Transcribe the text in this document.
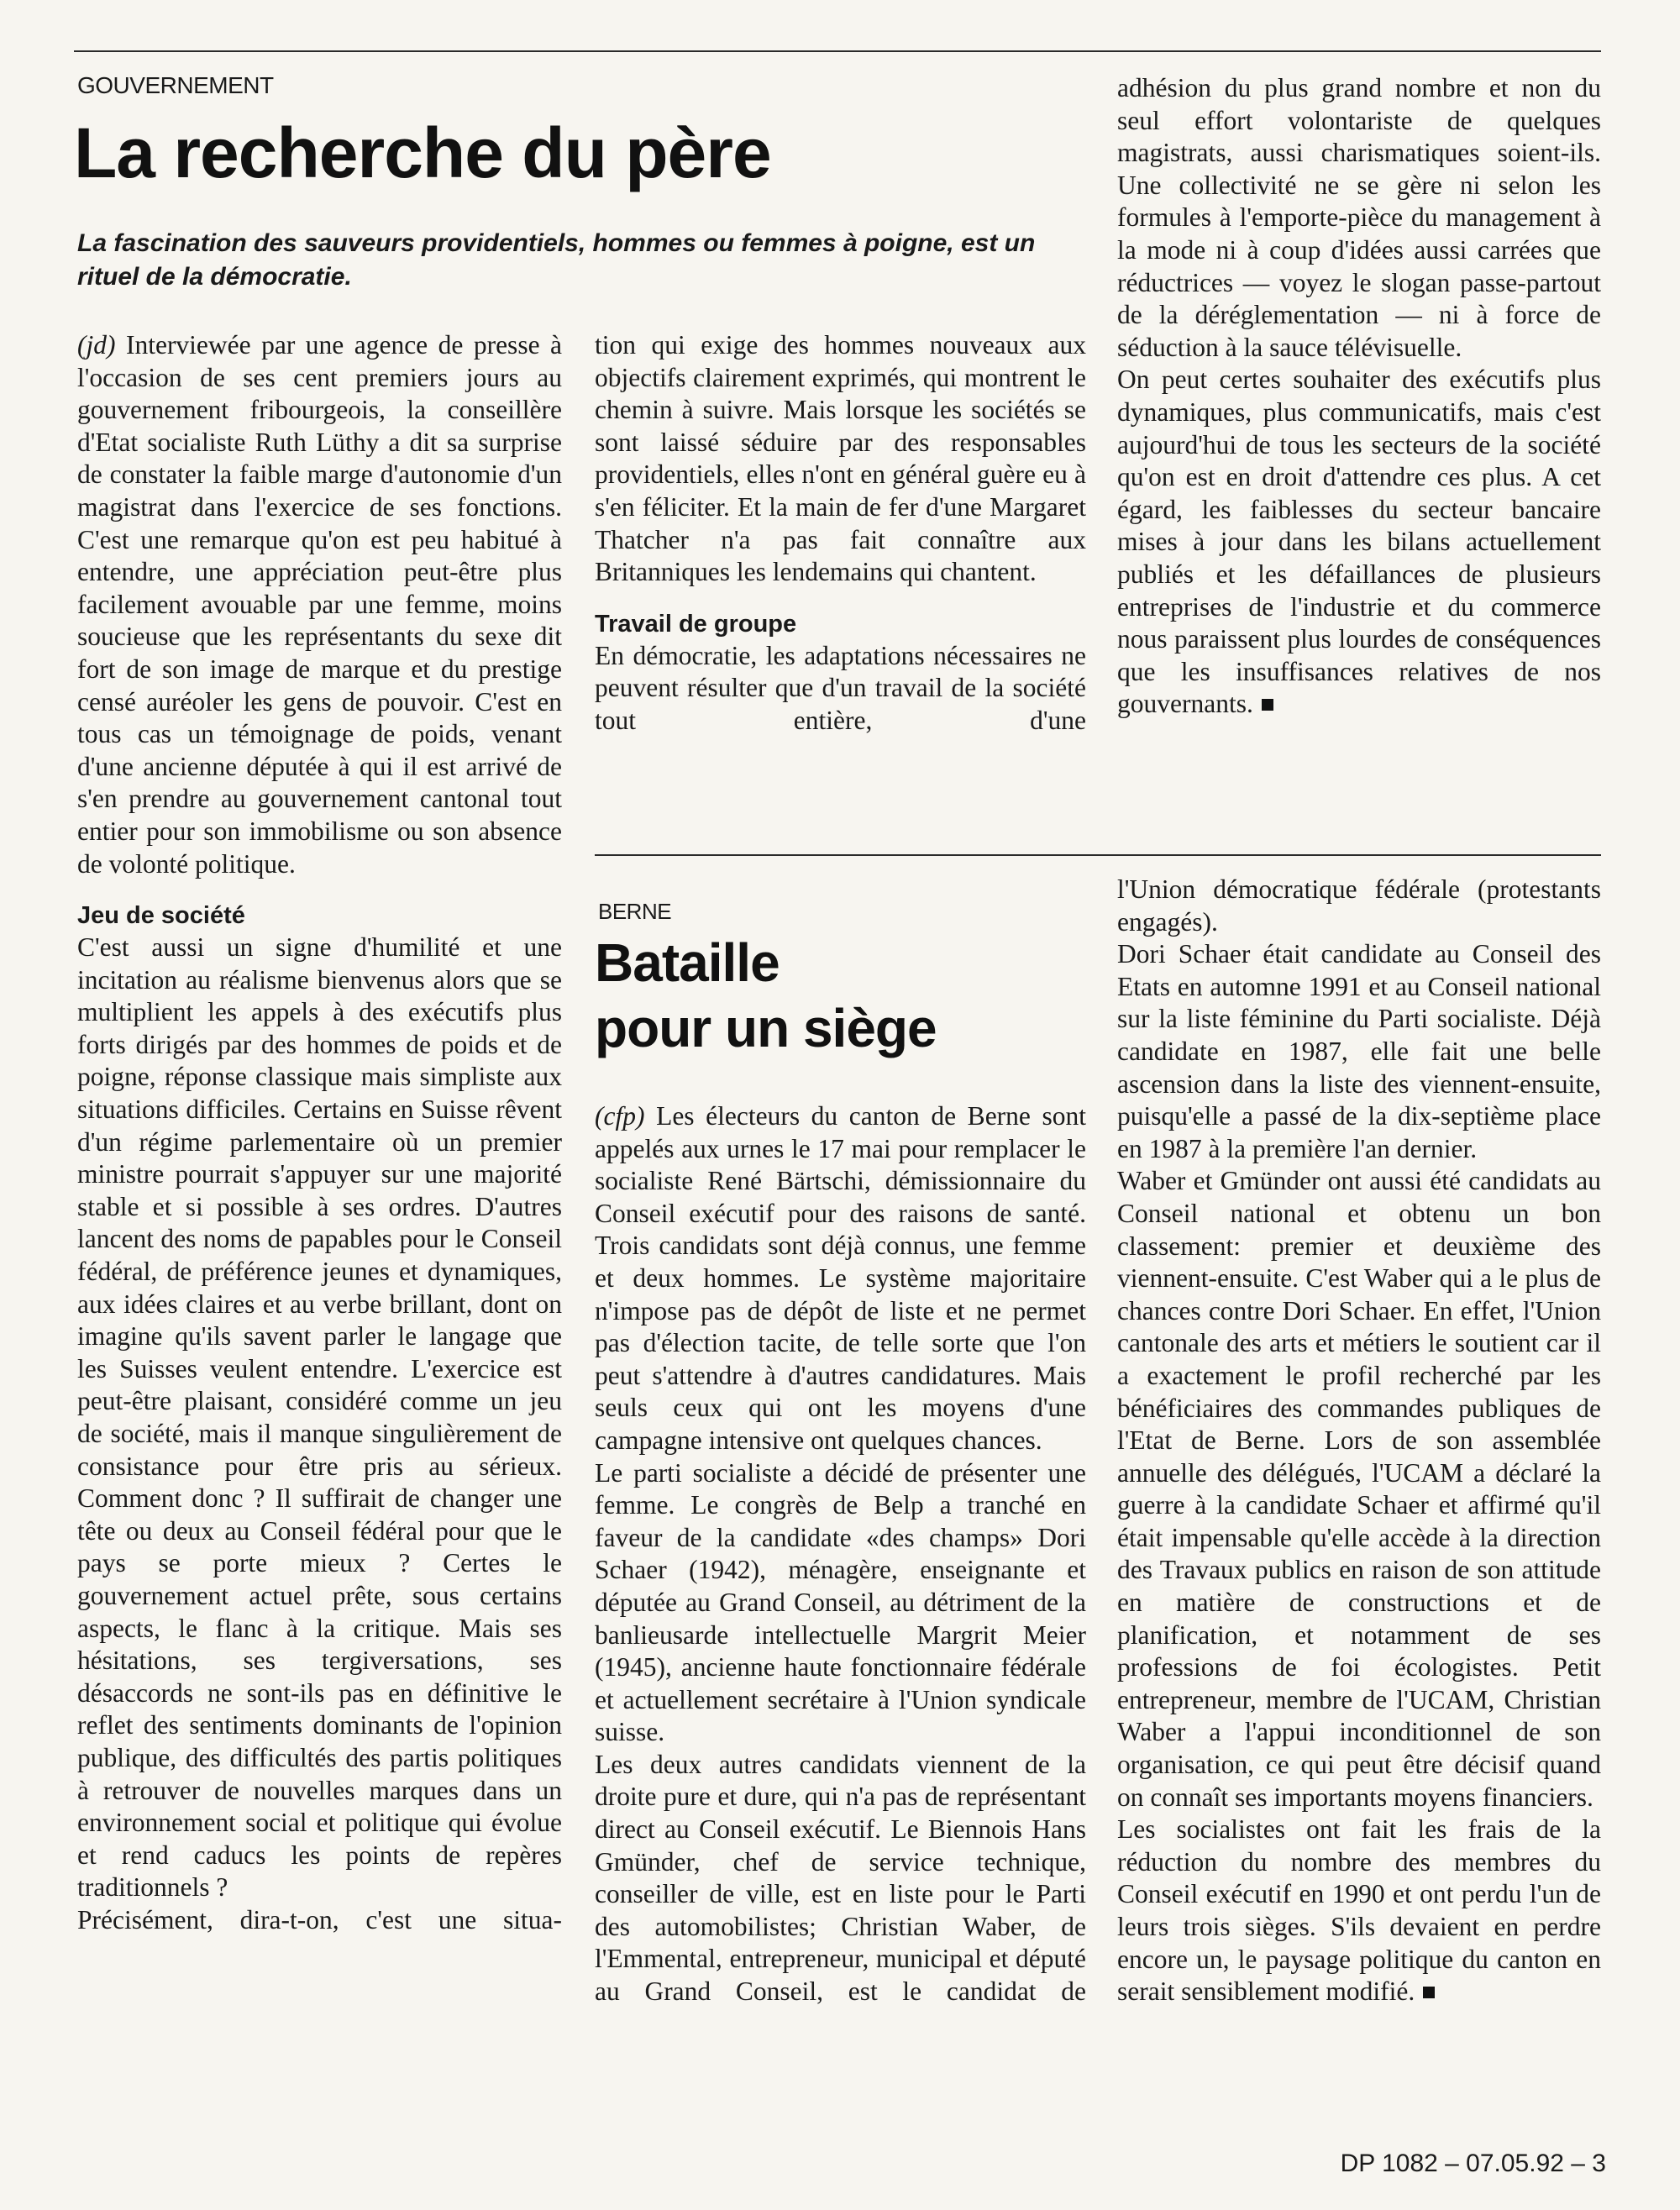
GOUVERNEMENT
La recherche du père

La fascination des sauveurs providentiels, hommes ou femmes à poigne, est un rituel de la démocratie.

(jd) Interviewée par une agence de presse à l'occasion de ses cent premiers jours au gouvernement fribourgeois, la conseillère d'Etat socialiste Ruth Lüthy a dit sa surprise de constater la faible marge d'autonomie d'un magistrat dans l'exercice de ses fonctions. C'est une remarque qu'on est peu habitué à entendre, une appréciation peut-être plus facilement avouable par une femme, moins soucieuse que les représentants du sexe dit fort de son image de marque et du prestige censé auréoler les gens de pouvoir. C'est en tous cas un témoignage de poids, venant d'une ancienne députée à qui il est arrivé de s'en prendre au gouvernement cantonal tout entier pour son immobilisme ou son absence de volonté politique.

Jeu de société

C'est aussi un signe d'humilité et une incitation au réalisme bienvenus alors que se multiplient les appels à des exécutifs plus forts dirigés par des hommes de poids et de poigne, réponse classique mais simpliste aux situations difficiles. Certains en Suisse rêvent d'un régime parlementaire où un premier ministre pourrait s'appuyer sur une majorité stable et si possible à ses ordres. D'autres lancent des noms de papables pour le Conseil fédéral, de préférence jeunes et dynamiques, aux idées claires et au verbe brillant, dont on imagine qu'ils savent parler le langage que les Suisses veulent entendre. L'exercice est peut-être plaisant, considéré comme un jeu de société, mais il manque singulièrement de consistance pour être pris au sérieux. Comment donc ? Il suffirait de changer une tête ou deux au Conseil fédéral pour que le pays se porte mieux ? Certes le gouvernement actuel prête, sous certains aspects, le flanc à la critique. Mais ses hésitations, ses tergiversations, ses désaccords ne sont-ils pas en définitive le reflet des sentiments dominants de l'opinion publique, des difficultés des partis politiques à retrouver de nouvelles marques dans un environnement social et politique qui évolue et rend caducs les points de repères traditionnels ?

Précisément, dira-t-on, c'est une situa-

tion qui exige des hommes nouveaux aux objectifs clairement exprimés, qui montrent le chemin à suivre. Mais lorsque les sociétés se sont laissé séduire par des responsables providentiels, elles n'ont en général guère eu à s'en féliciter. Et la main de fer d'une Margaret Thatcher n'a pas fait connaître aux Britanniques les lendemains qui chantent.

Travail de groupe

En démocratie, les adaptations nécessaires ne peuvent résulter que d'un travail de la société tout entière, d'une

adhésion du plus grand nombre et non du seul effort volontariste de quelques magistrats, aussi charismatiques soient-ils. Une collectivité ne se gère ni selon les formules à l'emporte-pièce du management à la mode ni à coup d'idées aussi carrées que réductrices — voyez le slogan passe-partout de la déréglementation — ni à force de séduction à la sauce télévisuelle.

On peut certes souhaiter des exécutifs plus dynamiques, plus communicatifs, mais c'est aujourd'hui de tous les secteurs de la société qu'on est en droit d'attendre ces plus. A cet égard, les faiblesses du secteur bancaire mises à jour dans les bilans actuellement publiés et les défaillances de plusieurs entreprises de l'industrie et du commerce nous paraissent plus lourdes de conséquences que les insuffisances relatives de nos gouvernants.

BERNE
Bataille
pour un siège

(cfp) Les électeurs du canton de Berne sont appelés aux urnes le 17 mai pour remplacer le socialiste René Bärtschi, démissionnaire du Conseil exécutif pour des raisons de santé. Trois candidats sont déjà connus, une femme et deux hommes. Le système majoritaire n'impose pas de dépôt de liste et ne permet pas d'élection tacite, de telle sorte que l'on peut s'attendre à d'autres candidatures. Mais seuls ceux qui ont les moyens d'une campagne intensive ont quelques chances.

Le parti socialiste a décidé de présenter une femme. Le congrès de Belp a tranché en faveur de la candidate «des champs» Dori Schaer (1942), ménagère, enseignante et députée au Grand Conseil, au détriment de la banlieusarde intellectuelle Margrit Meier (1945), ancienne haute fonctionnaire fédérale et actuellement secrétaire à l'Union syndicale suisse.

Les deux autres candidats viennent de la droite pure et dure, qui n'a pas de représentant direct au Conseil exécutif. Le Biennois Hans Gmünder, chef de service technique, conseiller de ville, est en liste pour le Parti des automobilistes; Christian Waber, de l'Emmental, entrepreneur, municipal et député au Grand Conseil, est le candidat de

l'Union démocratique fédérale (protestants engagés).

Dori Schaer était candidate au Conseil des Etats en automne 1991 et au Conseil national sur la liste féminine du Parti socialiste. Déjà candidate en 1987, elle fait une belle ascension dans la liste des viennent-ensuite, puisqu'elle a passé de la dix-septième place en 1987 à la première l'an dernier.

Waber et Gmünder ont aussi été candidats au Conseil national et obtenu un bon classement: premier et deuxième des viennent-ensuite. C'est Waber qui a le plus de chances contre Dori Schaer. En effet, l'Union cantonale des arts et métiers le soutient car il a exactement le profil recherché par les bénéficiaires des commandes publiques de l'Etat de Berne. Lors de son assemblée annuelle des délégués, l'UCAM a déclaré la guerre à la candidate Schaer et affirmé qu'il était impensable qu'elle accède à la direction des Travaux publics en raison de son attitude en matière de constructions et de planification, et notamment de ses professions de foi écologistes. Petit entrepreneur, membre de l'UCAM, Christian Waber a l'appui inconditionnel de son organisation, ce qui peut être décisif quand on connaît ses importants moyens financiers.

Les socialistes ont fait les frais de la réduction du nombre des membres du Conseil exécutif en 1990 et ont perdu l'un de leurs trois sièges. S'ils devaient en perdre encore un, le paysage politique du canton en serait sensiblement modifié.

DP 1082 – 07.05.92 – 3
